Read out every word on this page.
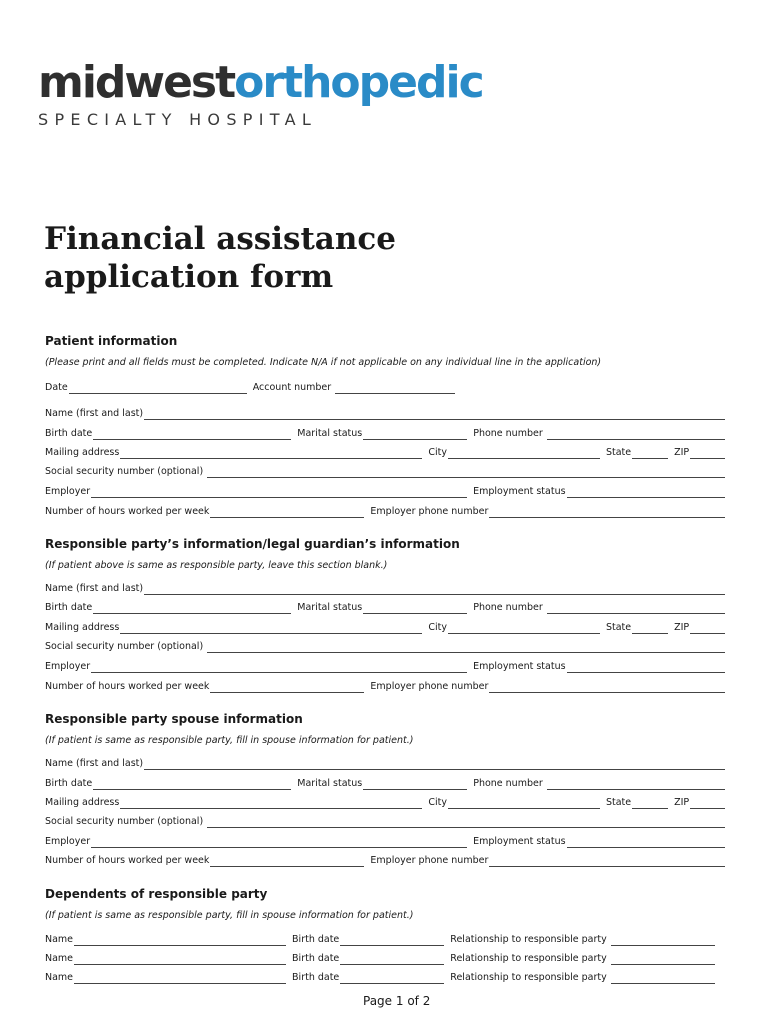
midwestorthopedic
SPECIALTY HOSPITAL
Financial assistance
application form
Patient information
(Please print and all fields must be completed. Indicate N/A if not applicable on any individual line in the application)
Date	Account number
Name (first and last)
Birth date	Marital status	Phone number
Mailing address	City	State	ZIP
Social security number (optional)
Employer	Employment status
Number of hours worked per week	Employer phone number
Responsible party’s information/legal guardian’s information
(If patient above is same as responsible party, leave this section blank.)
Name (first and last)
Birth date	Marital status	Phone number
Mailing address	City	State	ZIP
Social security number (optional)
Employer	Employment status
Number of hours worked per week	Employer phone number
Responsible party spouse information
(If patient is same as responsible party, fill in spouse information for patient.)
Name (first and last)
Birth date	Marital status	Phone number
Mailing address	City	State	ZIP
Social security number (optional)
Employer	Employment status
Number of hours worked per week	Employer phone number
Dependents of responsible party
(If patient is same as responsible party, fill in spouse information for patient.)
Name	Birth date	Relationship to responsible party
Name	Birth date	Relationship to responsible party
Name	Birth date	Relationship to responsible party
Page 1 of 2
